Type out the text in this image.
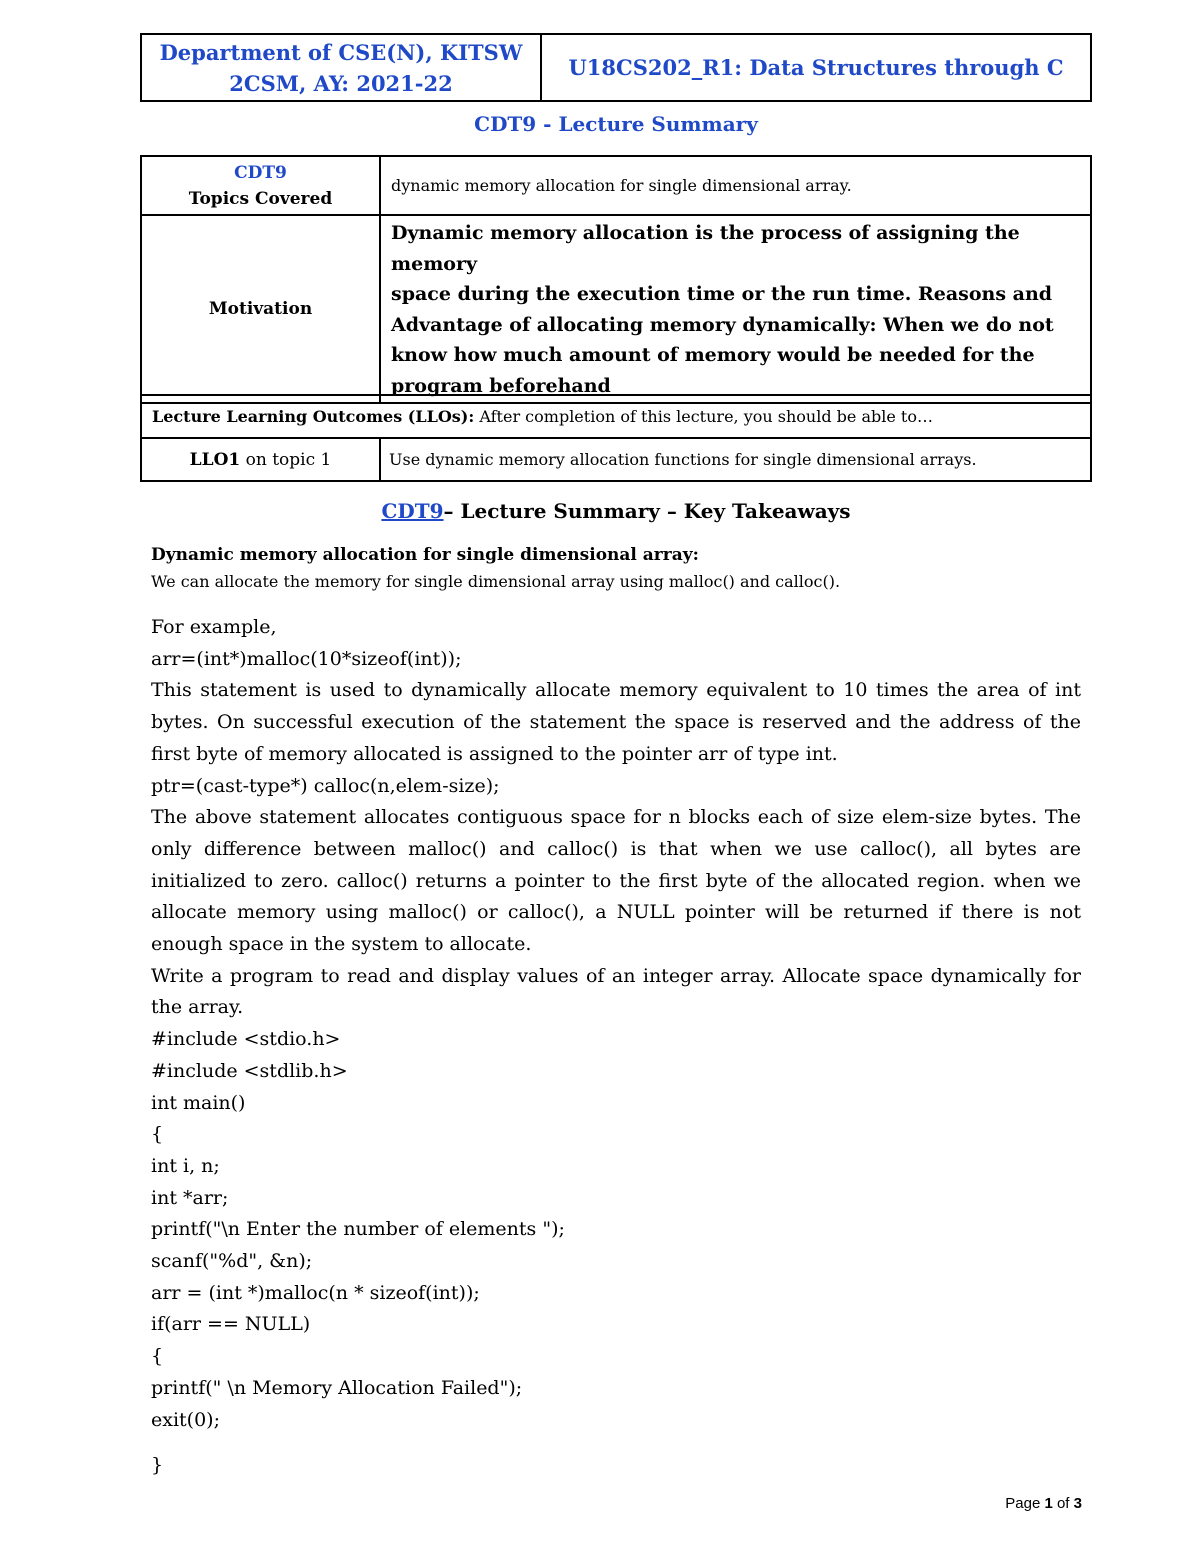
Department of CSE(N), KITSW
2CSM, AY: 2021-22
	U18CS202_R1: Data Structures through C
CDT9 - Lecture Summary
CDT9
Topics Covered	dynamic memory allocation for single dimensional array.
Motivation	Dynamic memory allocation is the process of assigning the memory
space during the execution time or the run time. Reasons and
Advantage of allocating memory dynamically: When we do not
know how much amount of memory would be needed for the
program beforehand
Lecture Learning Outcomes (LLOs): After completion of this lecture, you should be able to…
LLO1 on topic 1	Use dynamic memory allocation functions for single dimensional arrays.
CDT9– Lecture Summary – Key Takeaways
Dynamic memory allocation for single dimensional array:
We can allocate the memory for single dimensional array using malloc() and calloc().

For example,

arr=(int*)malloc(10*sizeof(int));

This statement is used to dynamically allocate memory equivalent to 10 times the area of int bytes. On successful execution of the statement the space is reserved and the address of the first byte of memory allocated is assigned to the pointer arr of type int.

ptr=(cast-type*) calloc(n,elem-size);

The above statement allocates contiguous space for n blocks each of size elem-size bytes. The only difference between malloc() and calloc() is that when we use calloc(), all bytes are initialized to zero. calloc() returns a pointer to the first byte of the allocated region. when we allocate memory using malloc() or calloc(), a NULL pointer will be returned if there is not enough space in the system to allocate.

Write a program to read and display values of an integer array. Allocate space dynamically for the array.

#include <stdio.h>

#include <stdlib.h>

int main()

{

int i, n;

int *arr;

printf("\n Enter the number of elements ");

scanf("%d", &n);

arr = (int *)malloc(n * sizeof(int));

if(arr == NULL)

{

printf(" \n Memory Allocation Failed");

exit(0);

}

Page 1 of 3
